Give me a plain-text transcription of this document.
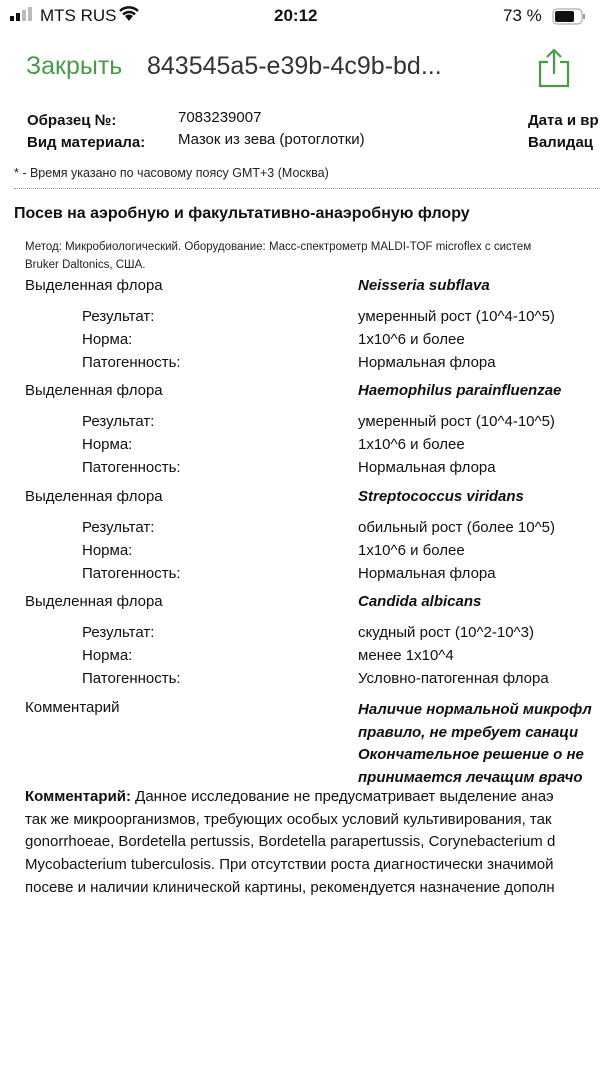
MTS RUS	20:12	73 %
Закрыть 843545a5-e39b-4c9b-bd...
Образец №:	7083239007
Вид материала: Мазок из зева (ротоглотки)
Дата и вр
Валидац
* - Время указано по часовому поясу GMT+3 (Москва)
Посев на аэробную и факультативно-анаэробную флору
Метод: Микробиологический. Оборудование: Масс-спектрометр MALDI-TOF microflex с систем
Bruker Daltonics, США.
Выделенная флора	Neisseria subflava
Результат:	умеренный рост (10^4-10^5)
Норма:	1x10^6 и более
Патогенность:	Нормальная флора
Выделенная флора	Haemophilus parainfluenzae
Результат:	умеренный рост (10^4-10^5)
Норма:	1x10^6 и более
Патогенность:	Нормальная флора
Выделенная флора	Streptococcus viridans
Результат:	обильный рост (более 10^5)
Норма:	1x10^6 и более
Патогенность:	Нормальная флора
Выделенная флора	Candida albicans
Результат:	скудный рост (10^2-10^3)
Норма:	менее 1x10^4
Патогенность:	Условно-патогенная флора
Комментарий	Наличие нормальной микрофл
правило, не требует санаци
Окончательное решение о не
принимается лечащим врачо
Комментарий: Данное исследование не предусматривает выделение анаэ
так же микроорганизмов, требующих особых условий культивирования, так
gonorrhoeae, Bordetella pertussis, Bordetella parapertussis, Corynebacterium d
Mycobacterium tuberculosis. При отсутствии роста диагностически значимой
посеве и наличии клинической картины, рекомендуется назначение дополн
